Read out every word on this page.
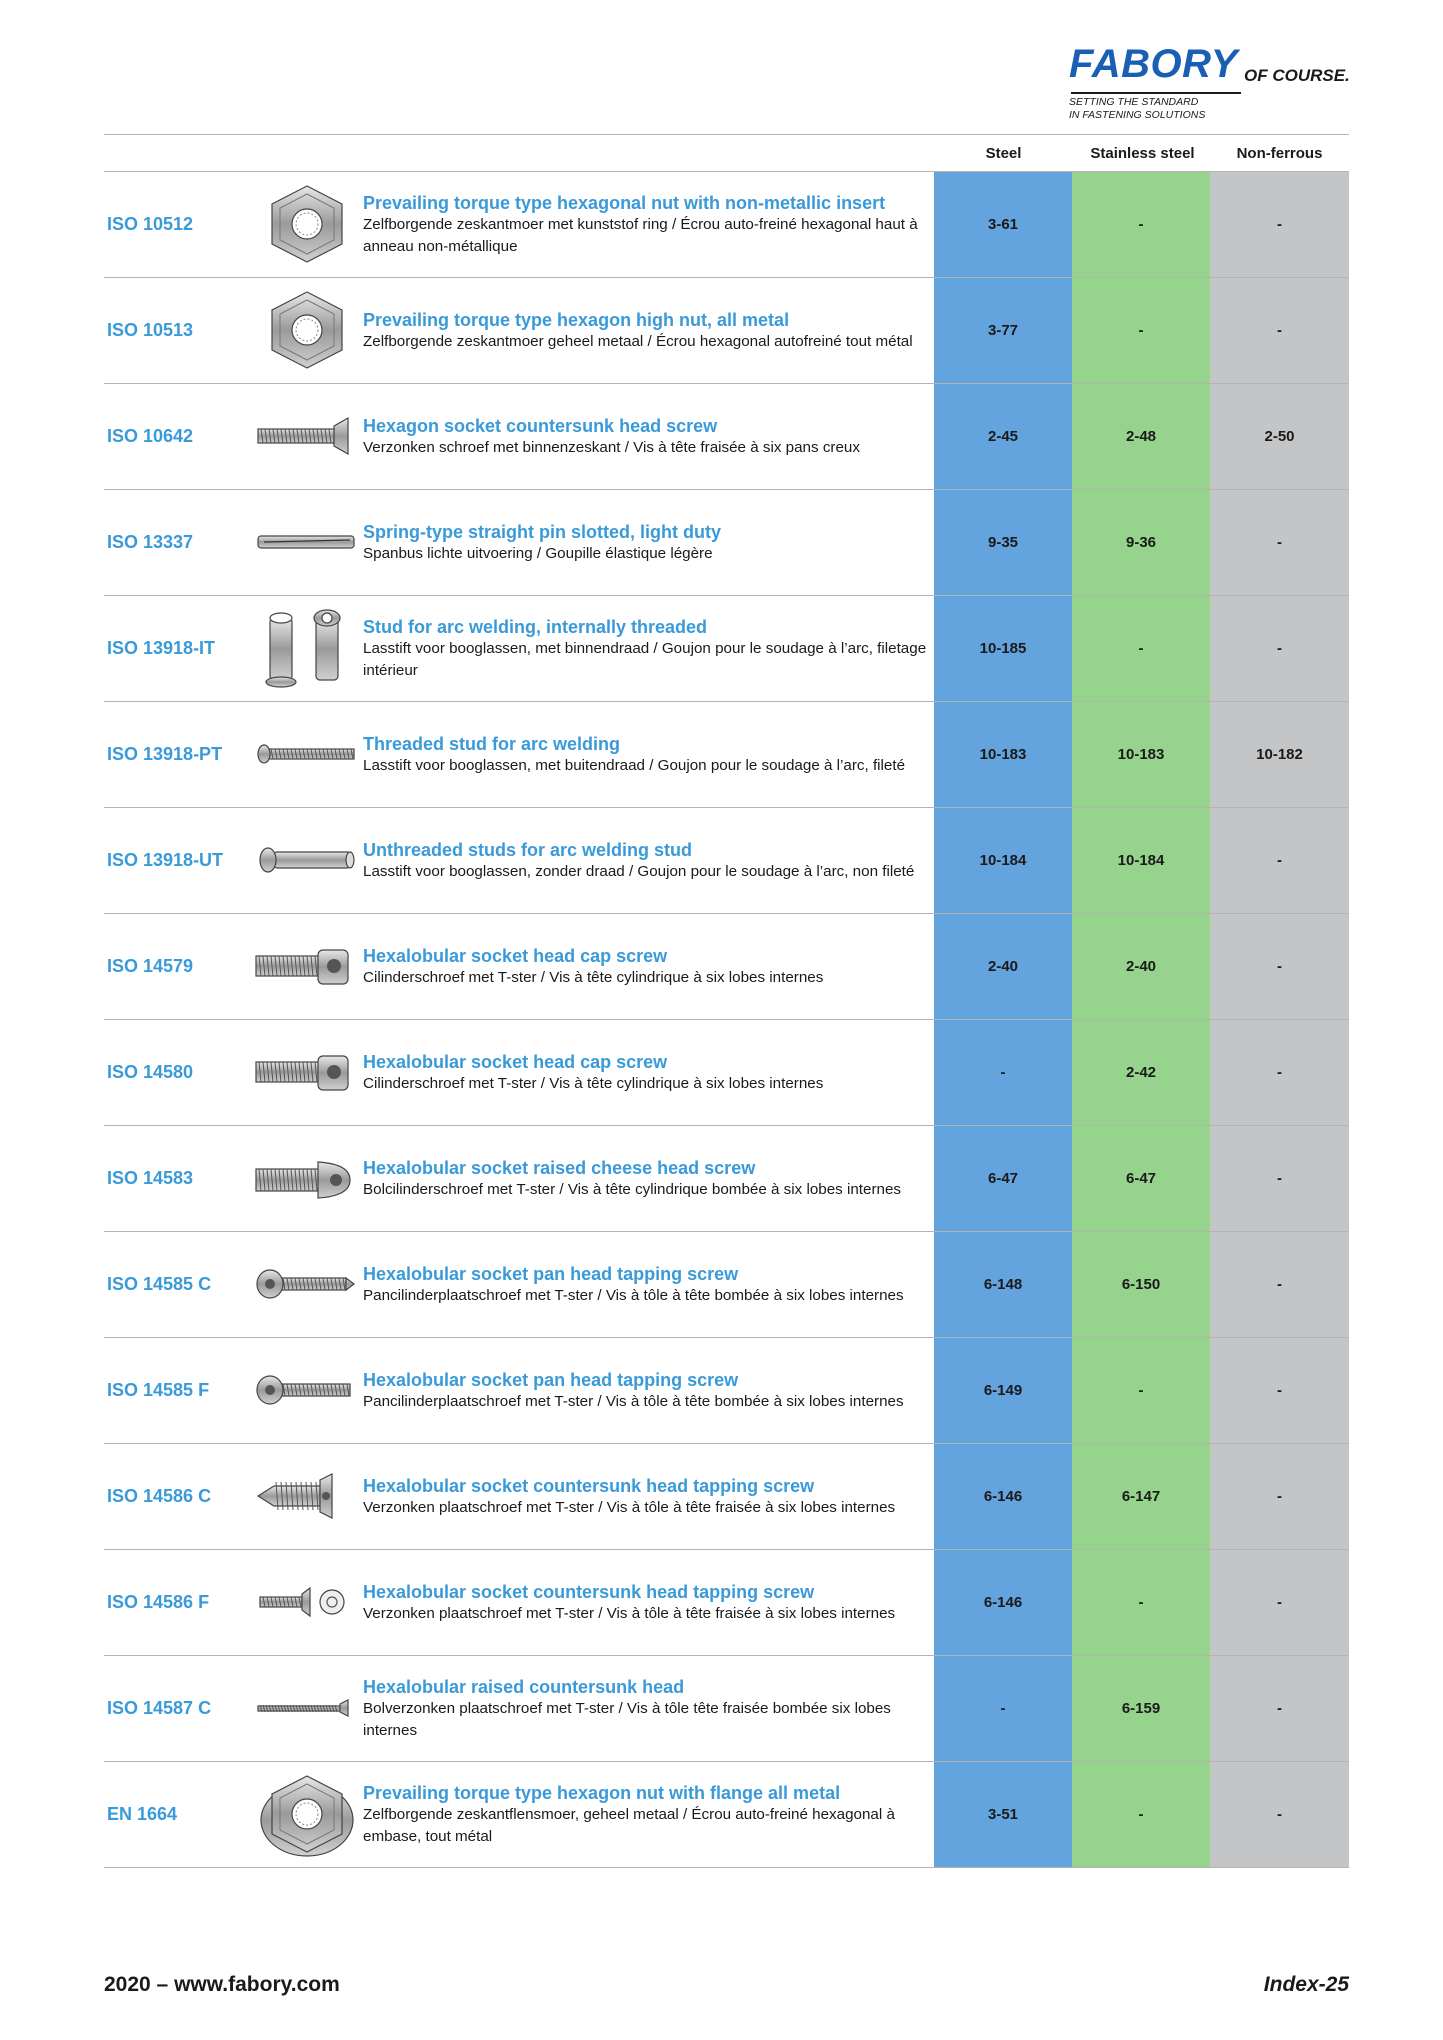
FABORY OF COURSE.
SETTING THE STANDARD
IN FASTENING SOLUTIONS
Steel	Stainless steel	Non-ferrous
ISO 10512
Prevailing torque type hexagonal nut with non-metallic insert
Zelfborgende zeskantmoer met kunststof ring / Écrou auto-freiné hexagonal haut à anneau non-métallique
3-61	-	-
ISO 10513
Prevailing torque type hexagon high nut, all metal
Zelfborgende zeskantmoer geheel metaal / Écrou hexagonal autofreiné tout métal
3-77	-	-
ISO 10642
Hexagon socket countersunk head screw
Verzonken schroef met binnenzeskant / Vis à tête fraisée à six pans creux
2-45	2-48	2-50
ISO 13337
Spring-type straight pin slotted, light duty
Spanbus lichte uitvoering / Goupille élastique légère
9-35	9-36	-
ISO 13918-IT
Stud for arc welding, internally threaded
Lasstift voor booglassen, met binnendraad / Goujon pour le soudage à l’arc, filetage intérieur
10-185	-	-
ISO 13918-PT
Threaded stud for arc welding
Lasstift voor booglassen, met buitendraad / Goujon pour le soudage à l’arc, fileté
10-183	10-183	10-182
ISO 13918-UT
Unthreaded studs for arc welding stud
Lasstift voor booglassen, zonder draad / Goujon pour le soudage à l’arc, non fileté
10-184	10-184	-
ISO 14579
Hexalobular socket head cap screw
Cilinderschroef met T-ster / Vis à tête cylindrique à six lobes internes
2-40	2-40	-
ISO 14580
Hexalobular socket head cap screw
Cilinderschroef met T-ster / Vis à tête cylindrique à six lobes internes
-	2-42	-
ISO 14583
Hexalobular socket raised cheese head screw
Bolcilinderschroef met T-ster / Vis à tête cylindrique bombée à six lobes internes
6-47	6-47	-
ISO 14585 C
Hexalobular socket pan head tapping screw
Pancilinderplaatschroef met T-ster / Vis à tôle à tête bombée à six lobes internes
6-148	6-150	-
ISO 14585 F
Hexalobular socket pan head tapping screw
Pancilinderplaatschroef met T-ster / Vis à tôle à tête bombée à six lobes internes
6-149	-	-
ISO 14586 C
Hexalobular socket countersunk head tapping screw
Verzonken plaatschroef met T-ster / Vis à tôle à tête fraisée à six lobes internes
6-146	6-147	-
ISO 14586 F
Hexalobular socket countersunk head tapping screw
Verzonken plaatschroef met T-ster / Vis à tôle à tête fraisée à six lobes internes
6-146	-	-
ISO 14587 C
Hexalobular raised countersunk head
Bolverzonken plaatschroef met T-ster / Vis à tôle tête fraisée bombée six lobes internes
-	6-159	-
EN 1664
Prevailing torque type hexagon nut with flange all metal
Zelfborgende zeskantflensmoer, geheel metaal / Écrou auto-freiné hexagonal à embase, tout métal
3-51	-	-
2020 – www.fabory.com	Index-25
